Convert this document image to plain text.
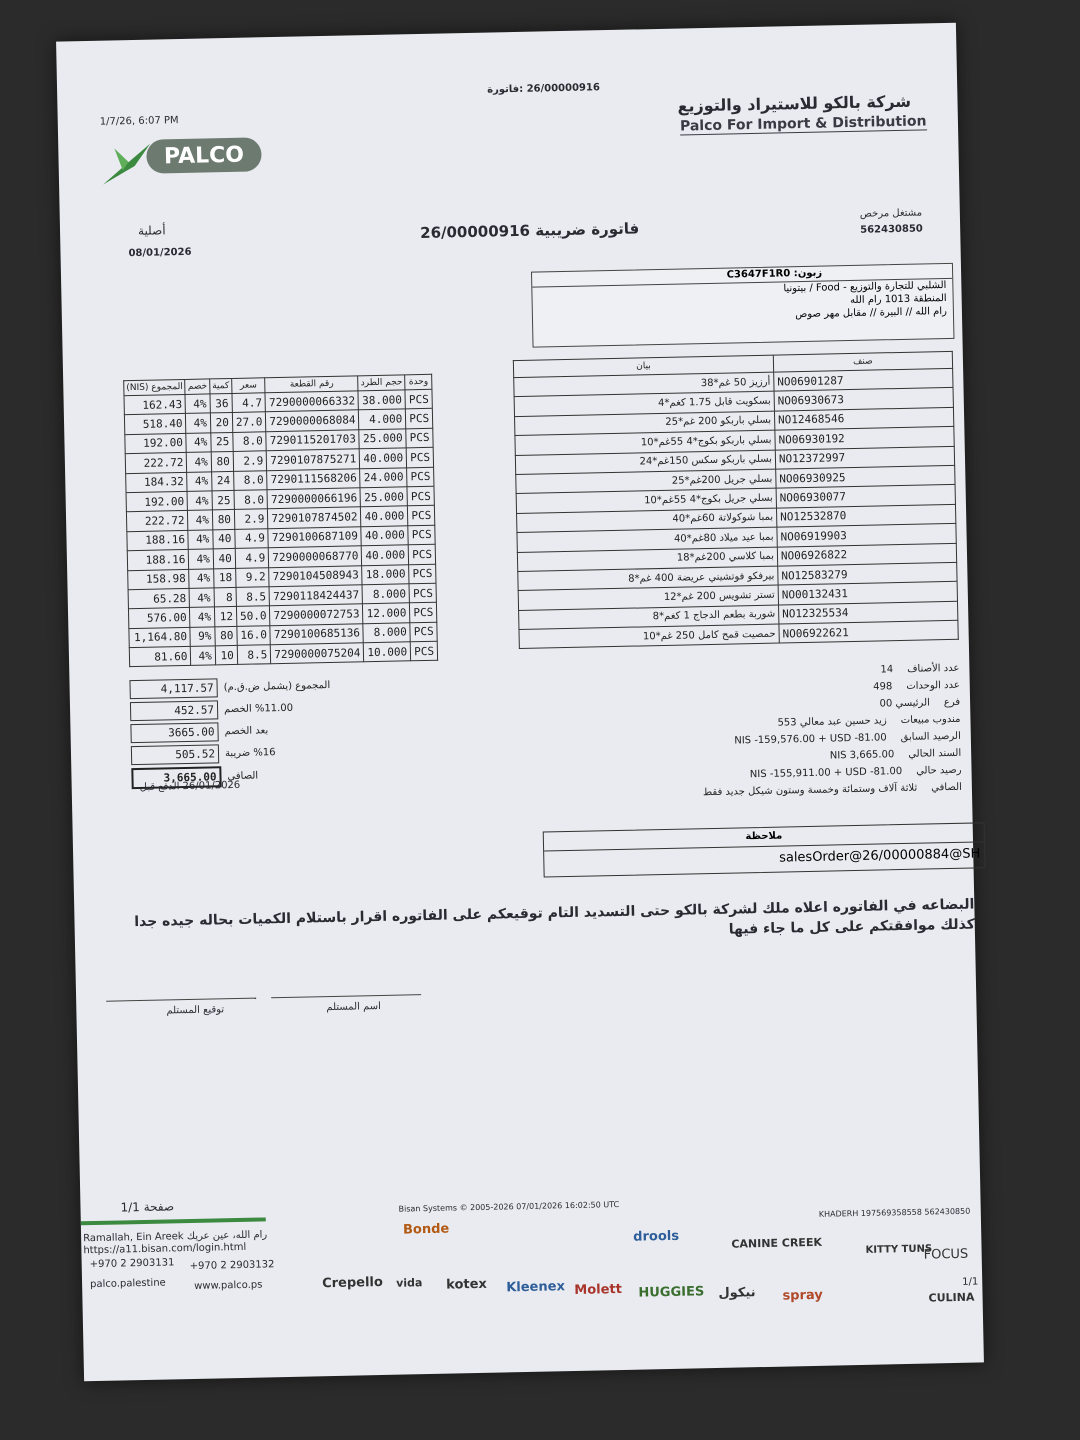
1/7/26, 6:07 PM
PALCO
26/00000916 :فاتورة
شركة بالكو للاستيراد والتوزيع
Palco For Import & Distribution
أصلية
08/01/2026
فاتورة ضريبية 26/00000916
مشتغل مرخص
562430850
C3647F1R0 :زبون
الشلبي للتجارة والتوزيع - Food / بيتونيا
المنطقة 1013 رام الله
رام الله // البيرة // مقابل مهر صوص
المجموع (NIS)	خصم	كمية	سعر	رقم القطعة	حجم الطرد	وحدة
162.43	4%	36	4.7	7290000066332	38.000	PCS
518.40	4%	20	27.0	7290000068084	4.000	PCS
192.00	4%	25	8.0	7290115201703	25.000	PCS
222.72	4%	80	2.9	7290107875271	40.000	PCS
184.32	4%	24	8.0	7290111568206	24.000	PCS
192.00	4%	25	8.0	7290000066196	25.000	PCS
222.72	4%	80	2.9	7290107874502	40.000	PCS
188.16	4%	40	4.9	7290100687109	40.000	PCS
188.16	4%	40	4.9	7290000068770	40.000	PCS
158.98	4%	18	9.2	7290104508943	18.000	PCS
65.28	4%	8	8.5	7290118424437	8.000	PCS
576.00	4%	12	50.0	7290000072753	12.000	PCS
1,164.80	9%	80	16.0	7290100685136	8.000	PCS
81.60	4%	10	8.5	7290000075204	10.000	PCS
بيان	صنف
أرزيز 50 غم*38	NO06901287
بسكويت قابل 1.75 كغم*4	NO06930673
بسلي باربكو 200 غم*25	NO12468546
بسلي باربكو بكوج*4 55غم*10	NO06930192
بسلي باربكو سكس 150غم*24	NO12372997
بسلي جريل 200غم*25	NO06930925
بسلي جريل بكوج*4 55غم*10	NO06930077
بمبا شوكولاتة 60غم*40	NO12532870
بمبا عيد ميلاد 80غم*40	NO06919903
بمبا كلاسي 200غم*18	NO06926822
بيرفكو فوتشيني عريضة 400 غم*8	NO12583279
تستر تشويس 200 غم*12	NO00132431
شوربة بطعم الدجاج 1 كغم*8	NO12325534
حمصيت قمح كامل 250 غم*10	NO06922621
4,117.57 المجموع (يشمل ض.ق.م)
452.57 %11.00 الخصم
3665.00 بعد الخصم
505.52 %16 ضريبة
3,665.00	الصافي
26/01/2026 الدفع قبل
عدد الأصناف14
عدد الوحدات498
فرع00 الرئيسي
مندوب مبيعات553 زيد حسين عبد معالي
الرصيد السابقNIS -159,576.00 + USD -81.00
السند الحاليNIS 3,665.00
رصيد حاليNIS -155,911.00 + USD -81.00
الصافيثلاثة آلاف وستمائة وخمسة وستون شيكل جديد فقط
ملاحظة
salesOrder@26/00000884@SH
البضاعه في الفاتوره اعلاه ملك لشركة بالكو حتى التسديد التام توقيعكم على الفاتوره اقرار باستلام الكميات بحاله جيده جدا كذلك موافقتكم على كل ما جاء فيها
توقيع المستلم	اسم المستلم
صفحة 1/1
Ramallah, Ein Areek رام الله، عين عريك
https://a11.bisan.com/login.html
+970 2 2903131 +970 2 2903132
palco.palestine	www.palco.ps
Bisan Systems © 2005-2026 07/01/2026 16:02:50 UTC	KHADERH 197569358558 562430850
1/1
Bonde	drools	CANINE CREEK	KITTY TUNS
FOCUS
Crepello vida kotex Kleenex Molett HUGGIES نيكول spray	CULINA
